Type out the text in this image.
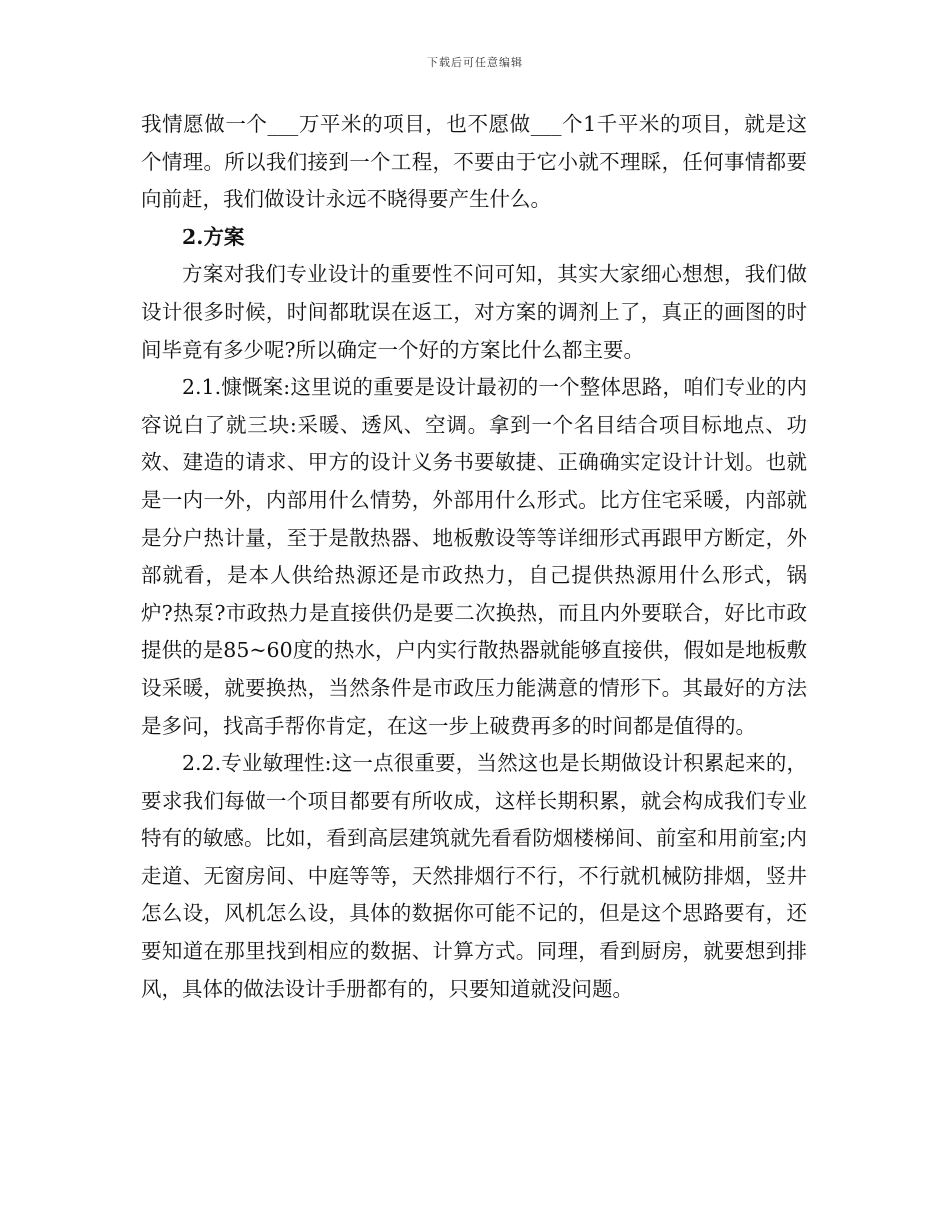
下载后可任意编辑

我情愿做一个___万平米的项目，也不愿做___个1千平米的项目，就是这个情理。所以我们接到一个工程，不要由于它小就不理睬，任何事情都要向前赶，我们做设计永远不晓得要产生什么。

2.方案

方案对我们专业设计的重要性不问可知，其实大家细心想想，我们做设计很多时候，时间都耽误在返工，对方案的调剂上了，真正的画图的时间毕竟有多少呢?所以确定一个好的方案比什么都主要。

2.1.慷慨案:这里说的重要是设计最初的一个整体思路，咱们专业的内容说白了就三块:采暖、透风、空调。拿到一个名目结合项目标地点、功效、建造的请求、甲方的设计义务书要敏捷、正确确实定设计计划。也就是一内一外，内部用什么情势，外部用什么形式。比方住宅采暖，内部就是分户热计量，至于是散热器、地板敷设等等详细形式再跟甲方断定，外部就看，是本人供给热源还是市政热力，自己提供热源用什么形式，锅炉?热泵?市政热力是直接供仍是要二次换热，而且内外要联合，好比市政提供的是85~60度的热水，户内实行散热器就能够直接供，假如是地板敷设采暖，就要换热，当然条件是市政压力能满意的情形下。其最好的方法是多问，找高手帮你肯定，在这一步上破费再多的时间都是值得的。

2.2.专业敏理性:这一点很重要，当然这也是长期做设计积累起来的，要求我们每做一个项目都要有所收成，这样长期积累，就会构成我们专业特有的敏感。比如，看到高层建筑就先看看防烟楼梯间、前室和用前室;内走道、无窗房间、中庭等等，天然排烟行不行，不行就机械防排烟，竖井怎么设，风机怎么设，具体的数据你可能不记的，但是这个思路要有，还要知道在那里找到相应的数据、计算方式。同理，看到厨房，就要想到排风，具体的做法设计手册都有的，只要知道就没问题。
